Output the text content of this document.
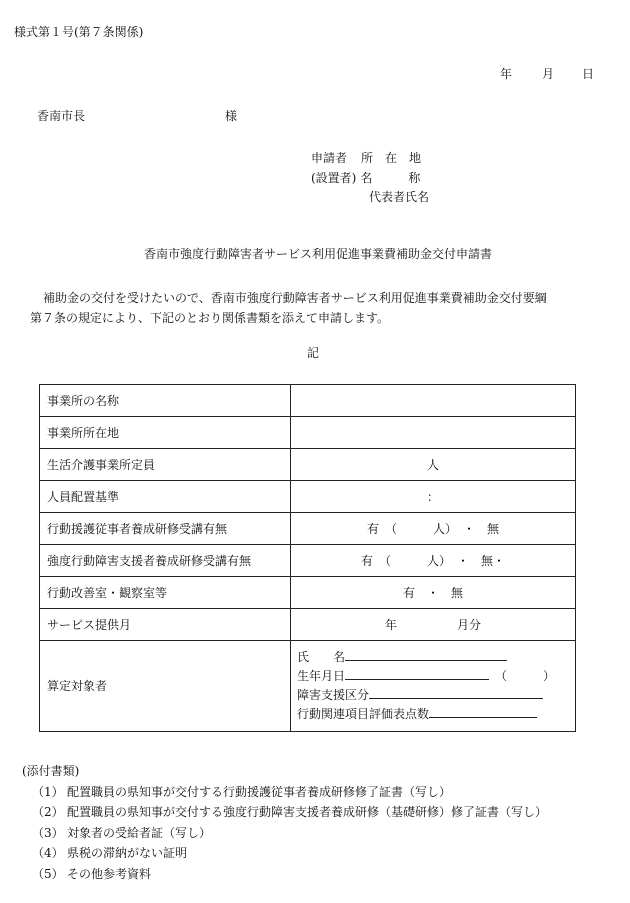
様式第１号(第７条関係)
年	月 日
香南市長	様
申請者 所　在　地
(設置者) 名　　　称
代表者氏名
香南市強度行動障害者サービス利用促進事業費補助金交付申請書
補助金の交付を受けたいので、香南市強度行動障害者サービス利用促進事業費補助金交付要綱
第７条の規定により、下記のとおり関係書類を添えて申請します。
記
事業所の名称	
事業所所在地	
生活介護事業所定員	人
人員配置基準	：
行動援護従事者養成研修受講有無	有　（　　　人）　・　無
強度行動障害支援者養成研修受講有無	有　（　　　人）　・　無・
行動改善室・観察室等	有　・　無
サービス提供月	年　　　　　月分
算定対象者	氏　　名
生年月日 （　　　）
障害支援区分
行動関連項目評価表点数
(添付書類)
（1） 配置職員の県知事が交付する行動援護従事者養成研修修了証書（写し）
（2） 配置職員の県知事が交付する強度行動障害支援者養成研修（基礎研修）修了証書（写し）
（3） 対象者の受給者証（写し）
（4） 県税の滞納がない証明
（5） その他参考資料
